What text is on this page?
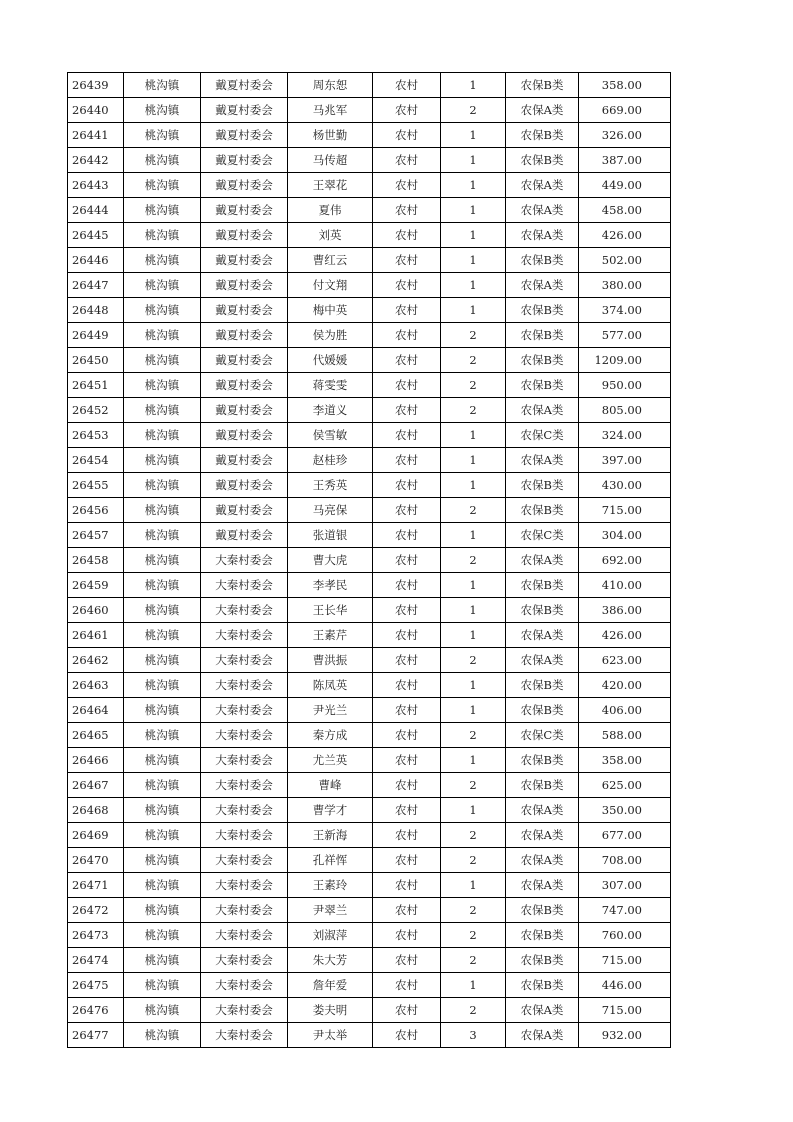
26439	桃沟镇	戴夏村委会	周东恕	农村	1	农保B类	358.00
26440	桃沟镇	戴夏村委会	马兆军	农村	2	农保A类	669.00
26441	桃沟镇	戴夏村委会	杨世勤	农村	1	农保B类	326.00
26442	桃沟镇	戴夏村委会	马传超	农村	1	农保B类	387.00
26443	桃沟镇	戴夏村委会	王翠花	农村	1	农保A类	449.00
26444	桃沟镇	戴夏村委会	夏伟	农村	1	农保A类	458.00
26445	桃沟镇	戴夏村委会	刘英	农村	1	农保A类	426.00
26446	桃沟镇	戴夏村委会	曹红云	农村	1	农保B类	502.00
26447	桃沟镇	戴夏村委会	付文翔	农村	1	农保A类	380.00
26448	桃沟镇	戴夏村委会	梅中英	农村	1	农保B类	374.00
26449	桃沟镇	戴夏村委会	侯为胜	农村	2	农保B类	577.00
26450	桃沟镇	戴夏村委会	代媛媛	农村	2	农保B类	1209.00
26451	桃沟镇	戴夏村委会	蒋雯雯	农村	2	农保B类	950.00
26452	桃沟镇	戴夏村委会	李道义	农村	2	农保A类	805.00
26453	桃沟镇	戴夏村委会	侯雪敏	农村	1	农保C类	324.00
26454	桃沟镇	戴夏村委会	赵桂珍	农村	1	农保A类	397.00
26455	桃沟镇	戴夏村委会	王秀英	农村	1	农保B类	430.00
26456	桃沟镇	戴夏村委会	马亮保	农村	2	农保B类	715.00
26457	桃沟镇	戴夏村委会	张道银	农村	1	农保C类	304.00
26458	桃沟镇	大秦村委会	曹大虎	农村	2	农保A类	692.00
26459	桃沟镇	大秦村委会	李孝民	农村	1	农保B类	410.00
26460	桃沟镇	大秦村委会	王长华	农村	1	农保B类	386.00
26461	桃沟镇	大秦村委会	王素芹	农村	1	农保A类	426.00
26462	桃沟镇	大秦村委会	曹洪振	农村	2	农保A类	623.00
26463	桃沟镇	大秦村委会	陈凤英	农村	1	农保B类	420.00
26464	桃沟镇	大秦村委会	尹光兰	农村	1	农保B类	406.00
26465	桃沟镇	大秦村委会	秦方成	农村	2	农保C类	588.00
26466	桃沟镇	大秦村委会	尤兰英	农村	1	农保B类	358.00
26467	桃沟镇	大秦村委会	曹峰	农村	2	农保B类	625.00
26468	桃沟镇	大秦村委会	曹学才	农村	1	农保A类	350.00
26469	桃沟镇	大秦村委会	王新海	农村	2	农保A类	677.00
26470	桃沟镇	大秦村委会	孔祥恽	农村	2	农保A类	708.00
26471	桃沟镇	大秦村委会	王素玲	农村	1	农保A类	307.00
26472	桃沟镇	大秦村委会	尹翠兰	农村	2	农保B类	747.00
26473	桃沟镇	大秦村委会	刘淑萍	农村	2	农保B类	760.00
26474	桃沟镇	大秦村委会	朱大芳	农村	2	农保B类	715.00
26475	桃沟镇	大秦村委会	詹年爱	农村	1	农保B类	446.00
26476	桃沟镇	大秦村委会	娄夫明	农村	2	农保A类	715.00
26477	桃沟镇	大秦村委会	尹太举	农村	3	农保A类	932.00
